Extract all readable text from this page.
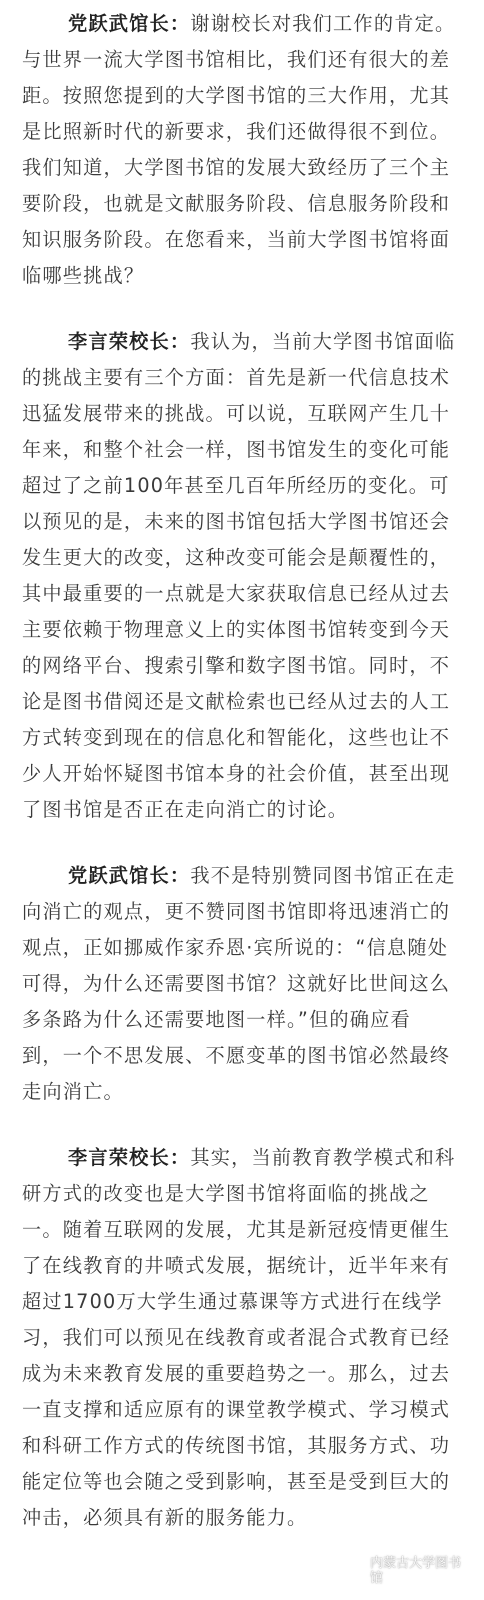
党跃武馆长：谢谢校长对我们工作的肯定。
与世界一流大学图书馆相比，我们还有很大的差
距。按照您提到的大学图书馆的三大作用，尤其
是比照新时代的新要求，我们还做得很不到位。
我们知道，大学图书馆的发展大致经历了三个主
要阶段，也就是文献服务阶段、信息服务阶段和
知识服务阶段。在您看来，当前大学图书馆将面
临哪些挑战？
李言荣校长：我认为，当前大学图书馆面临
的挑战主要有三个方面：首先是新一代信息技术
迅猛发展带来的挑战。可以说，互联网产生几十
年来，和整个社会一样，图书馆发生的变化可能
超过了之前100年甚至几百年所经历的变化。可
以预见的是，未来的图书馆包括大学图书馆还会
发生更大的改变，这种改变可能会是颠覆性的，
其中最重要的一点就是大家获取信息已经从过去
主要依赖于物理意义上的实体图书馆转变到今天
的网络平台、搜索引擎和数字图书馆。同时，不
论是图书借阅还是文献检索也已经从过去的人工
方式转变到现在的信息化和智能化，这些也让不
少人开始怀疑图书馆本身的社会价值，甚至出现
了图书馆是否正在走向消亡的讨论。
党跃武馆长：我不是特别赞同图书馆正在走
向消亡的观点，更不赞同图书馆即将迅速消亡的
观点，正如挪威作家乔恩·宾所说的：“信息随处
可得，为什么还需要图书馆？这就好比世间这么
多条路为什么还需要地图一样。”但的确应看
到，一个不思发展、不愿变革的图书馆必然最终
走向消亡。
李言荣校长：其实，当前教育教学模式和科
研方式的改变也是大学图书馆将面临的挑战之
一。随着互联网的发展，尤其是新冠疫情更催生
了在线教育的井喷式发展，据统计，近半年来有
超过1700万大学生通过慕课等方式进行在线学
习，我们可以预见在线教育或者混合式教育已经
成为未来教育发展的重要趋势之一。那么，过去
一直支撑和适应原有的课堂教学模式、学习模式
和科研工作方式的传统图书馆，其服务方式、功
能定位等也会随之受到影响，甚至是受到巨大的
冲击，必须具有新的服务能力。
内蒙古大学图书馆
